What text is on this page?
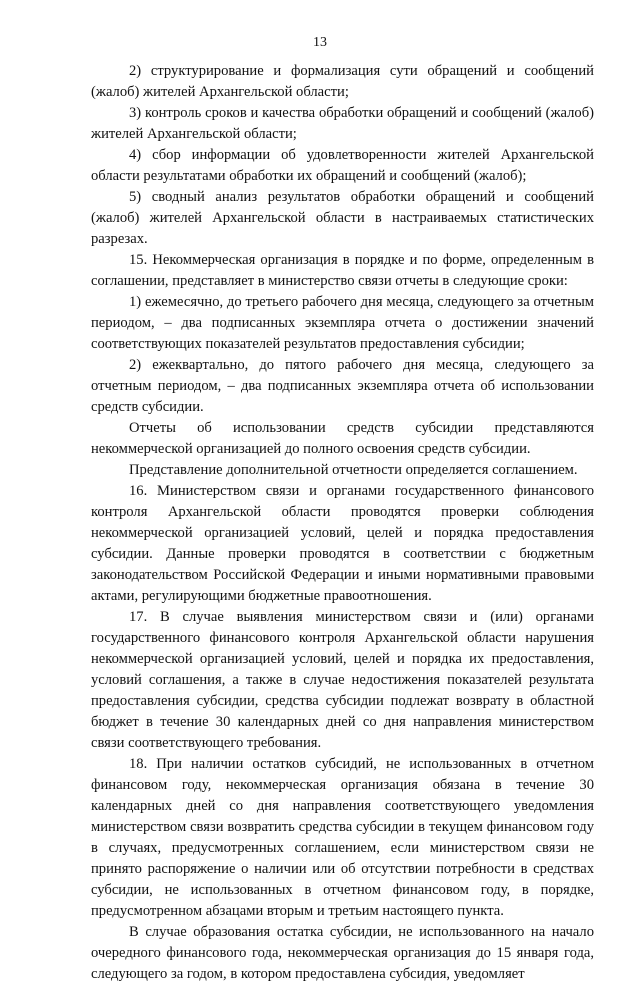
13

2) структурирование и формализация сути обращений и сообщений (жалоб) жителей Архангельской области;

3) контроль сроков и качества обработки обращений и сообщений (жалоб) жителей Архангельской области;

4) сбор информации об удовлетворенности жителей Архангельской области результатами обработки их обращений и сообщений (жалоб);

5) сводный анализ результатов обработки обращений и сообщений (жалоб) жителей Архангельской области в настраиваемых статистических разрезах.

15. Некоммерческая организация в порядке и по форме, определенным в соглашении, представляет в министерство связи отчеты в следующие сроки:

1) ежемесячно, до третьего рабочего дня месяца, следующего за отчетным периодом, – два подписанных экземпляра отчета о достижении значений соответствующих показателей результатов предоставления субсидии;

2) ежеквартально, до пятого рабочего дня месяца, следующего за отчетным периодом, – два подписанных экземпляра отчета об использовании средств субсидии.

Отчеты об использовании средств субсидии представляются некоммерческой организацией до полного освоения средств субсидии.

Представление дополнительной отчетности определяется соглашением.

16. Министерством связи и органами государственного финансового контроля Архангельской области проводятся проверки соблюдения некоммерческой организацией условий, целей и порядка предоставления субсидии. Данные проверки проводятся в соответствии с бюджетным законодательством Российской Федерации и иными нормативными правовыми актами, регулирующими бюджетные правоотношения.

17. В случае выявления министерством связи и (или) органами государственного финансового контроля Архангельской области нарушения некоммерческой организацией условий, целей и порядка их предоставления, условий соглашения, а также в случае недостижения показателей результата предоставления субсидии, средства субсидии подлежат возврату в областной бюджет в течение 30 календарных дней со дня направления министерством связи соответствующего требования.

18. При наличии остатков субсидий, не использованных в отчетном финансовом году, некоммерческая организация обязана в течение 30 календарных дней со дня направления соответствующего уведомления министерством связи возвратить средства субсидии в текущем финансовом году в случаях, предусмотренных соглашением, если министерством связи не принято распоряжение о наличии или об отсутствии потребности в средствах субсидии, не использованных в отчетном финансовом году, в порядке, предусмотренном абзацами вторым и третьим настоящего пункта.

В случае образования остатка субсидии, не использованного на начало очередного финансового года, некоммерческая организация до 15 января года, следующего за годом, в котором предоставлена субсидия, уведомляет
